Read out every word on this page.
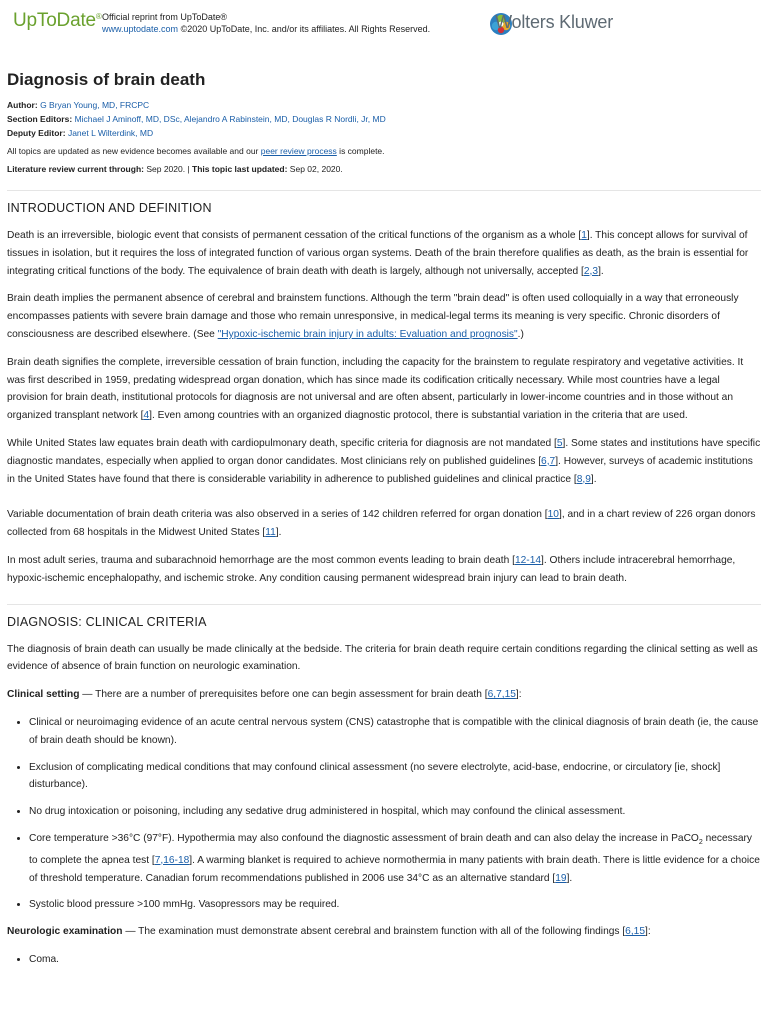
UpToDate® Official reprint from UpToDate®
www.uptodate.com ©2020 UpToDate, Inc. and/or its affiliates. All Rights Reserved.	Wolters Kluwer
Diagnosis of brain death
Author: G Bryan Young, MD, FRCPC
Section Editors: Michael J Aminoff, MD, DSc, Alejandro A Rabinstein, MD, Douglas R Nordli, Jr, MD
Deputy Editor: Janet L Wilterdink, MD
All topics are updated as new evidence becomes available and our peer review process is complete.
Literature review current through: Sep 2020. | This topic last updated: Sep 02, 2020.
INTRODUCTION AND DEFINITION

Death is an irreversible, biologic event that consists of permanent cessation of the critical functions of the organism as a whole [1]. This concept allows for survival of tissues in isolation, but it requires the loss of integrated function of various organ systems. Death of the brain therefore qualifies as death, as the brain is essential for integrating critical functions of the body. The equivalence of brain death with death is largely, although not universally, accepted [2,3].

Brain death implies the permanent absence of cerebral and brainstem functions. Although the term "brain dead" is often used colloquially in a way that erroneously encompasses patients with severe brain damage and those who remain unresponsive, in medical-legal terms its meaning is very specific. Chronic disorders of consciousness are described elsewhere. (See "Hypoxic-ischemic brain injury in adults: Evaluation and prognosis".)

Brain death signifies the complete, irreversible cessation of brain function, including the capacity for the brainstem to regulate respiratory and vegetative activities. It was first described in 1959, predating widespread organ donation, which has since made its codification critically necessary. While most countries have a legal provision for brain death, institutional protocols for diagnosis are not universal and are often absent, particularly in lower-income countries and in those without an organized transplant network [4]. Even among countries with an organized diagnostic protocol, there is substantial variation in the criteria that are used.

While United States law equates brain death with cardiopulmonary death, specific criteria for diagnosis are not mandated [5]. Some states and institutions have specific diagnostic mandates, especially when applied to organ donor candidates. Most clinicians rely on published guidelines [6,7]. However, surveys of academic institutions in the United States have found that there is considerable variability in adherence to published guidelines and clinical practice [8,9].

Variable documentation of brain death criteria was also observed in a series of 142 children referred for organ donation [10], and in a chart review of 226 organ donors collected from 68 hospitals in the Midwest United States [11].

In most adult series, trauma and subarachnoid hemorrhage are the most common events leading to brain death [12-14]. Others include intracerebral hemorrhage, hypoxic-ischemic encephalopathy, and ischemic stroke. Any condition causing permanent widespread brain injury can lead to brain death.

DIAGNOSIS: CLINICAL CRITERIA

The diagnosis of brain death can usually be made clinically at the bedside. The criteria for brain death require certain conditions regarding the clinical setting as well as evidence of absence of brain function on neurologic examination.

Clinical setting — There are a number of prerequisites before one can begin assessment for brain death [6,7,15]:

• Clinical or neuroimaging evidence of an acute central nervous system (CNS) catastrophe that is compatible with the clinical diagnosis of brain death (ie, the cause of brain death should be known).
• Exclusion of complicating medical conditions that may confound clinical assessment (no severe electrolyte, acid-base, endocrine, or circulatory [ie, shock] disturbance).
• No drug intoxication or poisoning, including any sedative drug administered in hospital, which may confound the clinical assessment.
• Core temperature >36°C (97°F). Hypothermia may also confound the diagnostic assessment of brain death and can also delay the increase in PaCO$_2$ necessary to complete the apnea test [7,16-18]. A warming blanket is required to achieve normothermia in many patients with brain death. There is little evidence for a choice of threshold temperature. Canadian forum recommendations published in 2006 use 34°C as an alternative standard [19].
• Systolic blood pressure >100 mmHg. Vasopressors may be required.

Neurologic examination — The examination must demonstrate absent cerebral and brainstem function with all of the following findings [6,15]:

• Coma.
